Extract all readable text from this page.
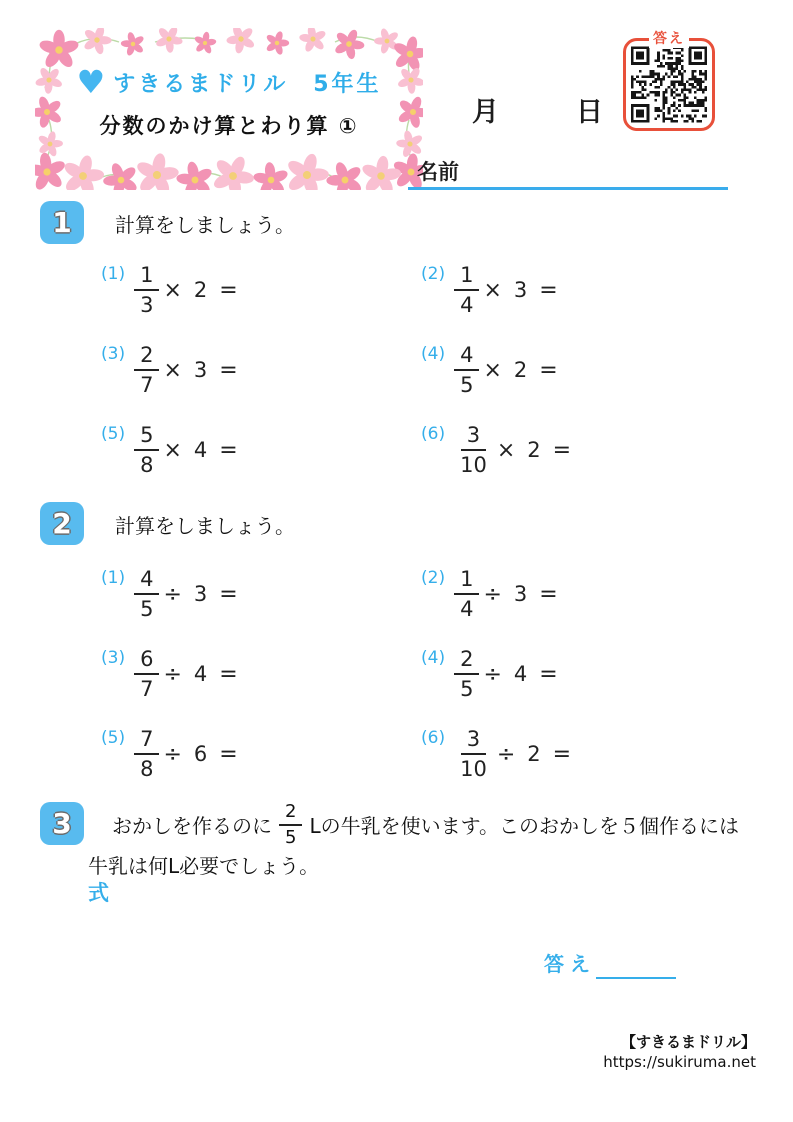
♥ すきるまドリル　5年生
分数のかけ算とわり算 ①	月	日
答え
名前
1	計算をしましょう。
$(1) \frac{1}{3} \times 2$ =
$(2) \frac{1}{4} \times 3$ =
$(3) \frac{2}{7} \times 3$ =
$(4) \frac{4}{5} \times 2$ =
$(5) \frac{5}{8} \times 4$ =
$(6) \frac{3}{10} \times 2$ =
2	計算をしましょう。
$(1) \frac{4}{5} \div 3$ =
$(2) \frac{1}{4} \div 3$ =
$(3) \frac{6}{7} \div 4$ =
$(4) \frac{2}{5} \div 4$ =
$(5) \frac{7}{8} \div 6$ =
$(6) \frac{3}{10} \div 2$ =
3	おかしを作るのに $\frac{2}{5}$ Lの牛乳を使います。このおかしを５個作るには
牛乳は何L必要でしょう。
式
答え
【すきるまドリル】
https://sukiruma.net
